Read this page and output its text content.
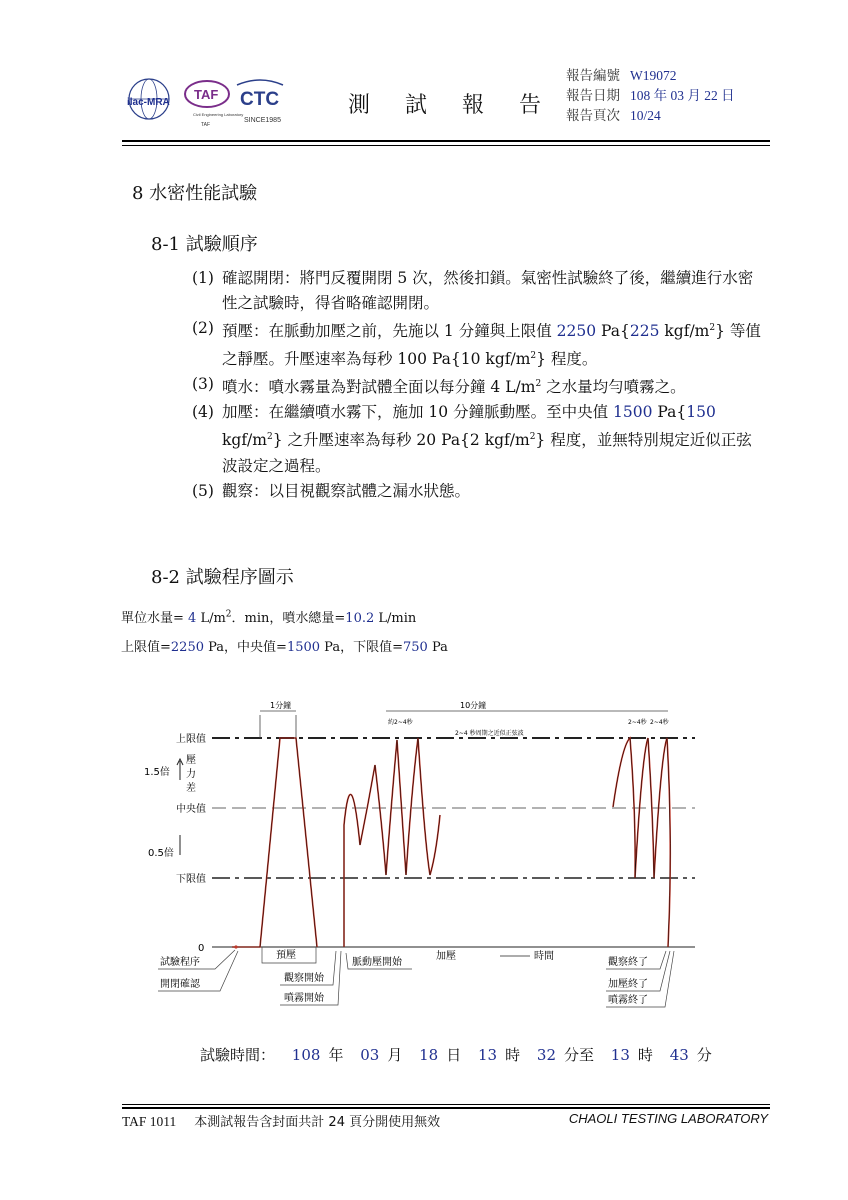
ilac-MRA
TAF
Civil Engineering Laboratory
TAF
CTC
SINCE1985
測 試 報 告
報告編號 W19072
報告日期 108 年 03 月 22 日
報告頁次 10/24
8 水密性能試驗
8-1 試驗順序
(1) 確認開閉：將門反覆開閉 5 次，然後扣鎖。氣密性試驗終了後，繼續進行水密性之試驗時，得省略確認開閉。
(2) 預壓：在脈動加壓之前，先施以 1 分鐘與上限值 2250 Pa{225 kgf/$m^2$} 等值之靜壓。升壓速率為每秒 100 Pa{10 kgf/$m^2$} 程度。
(3) 噴水：噴水霧量為對試體全面以每分鐘 4 $L/m^2$ 之水量均勻噴霧之。
(4) 加壓：在繼續噴水霧下，施加 10 分鐘脈動壓。至中央值 1500 Pa{150 kgf/$m^2$} 之升壓速率為每秒 20 Pa{2 kgf/$m^2$} 程度，並無特別規定近似正弦波設定之過程。
(5) 觀察：以目視觀察試體之漏水狀態。
8-2 試驗程序圖示
單位水量= 4 $L/m^2$．min，噴水總量=10.2 L/min
上限值=2250 Pa，中央值=1500 Pa，下限值=750 Pa
上限值
中央值
下限值
0
1.5倍
0.5倍
壓
力
差
1分鐘	10分鐘
約2~4秒	2~4秒 2~4秒
2~4 秒周期之近似正弦波
試驗程序
開閉確認
預壓
觀察開始
噴霧開始
脈動壓開始
加壓	時間
觀察終了
加壓終了
噴霧終了
試驗時間： 108 年 03 月 18 日 13 時 32 分至 13 時 43 分
TAF 1011 本測試報告含封面共計 24 頁分開使用無效	CHAOLI TESTING LABORATORY
